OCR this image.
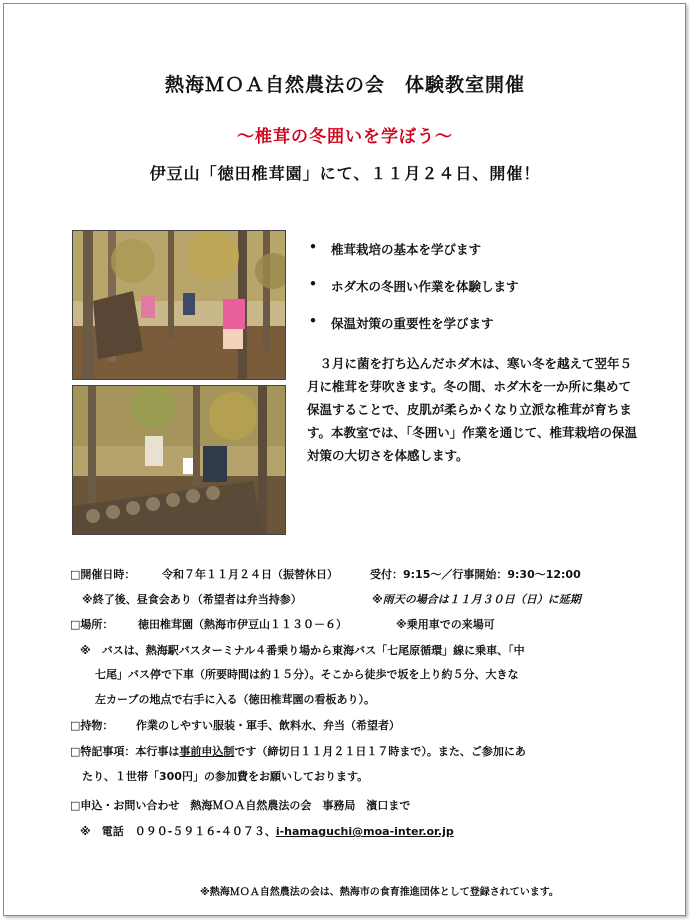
熱海ＭＯＡ自然農法の会　体験教室開催
～椎茸の冬囲いを学ぼう～
伊豆山「徳田椎茸園」にて、１１月２４日、開催！
• 椎茸栽培の基本を学びます
• ホダ木の冬囲い作業を体験します
• 保温対策の重要性を学びます
　３月に菌を打ち込んだホダ木は、寒い冬を越えて翌年５月に椎茸を芽吹きます。冬の間、ホダ木を一か所に集めて保温することで、皮肌が柔らかくなり立派な椎茸が育ちます。本教室では、「冬囲い」作業を通じて、椎茸栽培の保温対策の大切さを体感します。
□開催日時： 令和７年１１月２４日（振替休日）	受付：9:15～／行事開始：9:30～12:00
※終了後、昼食会あり（希望者は弁当持参）	※雨天の場合は１１月３０日（日）に延期
□場所： 徳田椎茸園（熱海市伊豆山１１３０－６）	※乗用車での来場可
※　バスは、熱海駅バスターミナル４番乗り場から東海バス「七尾原循環」線に乗車、「中
七尾」バス停で下車（所要時間は約１５分）。そこから徒歩で坂を上り約５分、大きな
左カーブの地点で右手に入る（徳田椎茸園の看板あり）。
□持物： 作業のしやすい服装・軍手、飲料水、弁当（希望者）
□特記事項：本行事は事前申込制です（締切日１１月２１日１７時まで）。また、ご参加にあ
たり、１世帯「300円」の参加費をお願いしております。
□申込・お問い合わせ　熱海ＭＯＡ自然農法の会　事務局　濱口まで
※　電話　０９０-５９１６-４０７３、i-hamaguchi@moa-inter.or.jp
※熱海ＭＯＡ自然農法の会は、熱海市の食育推進団体として登録されています。
